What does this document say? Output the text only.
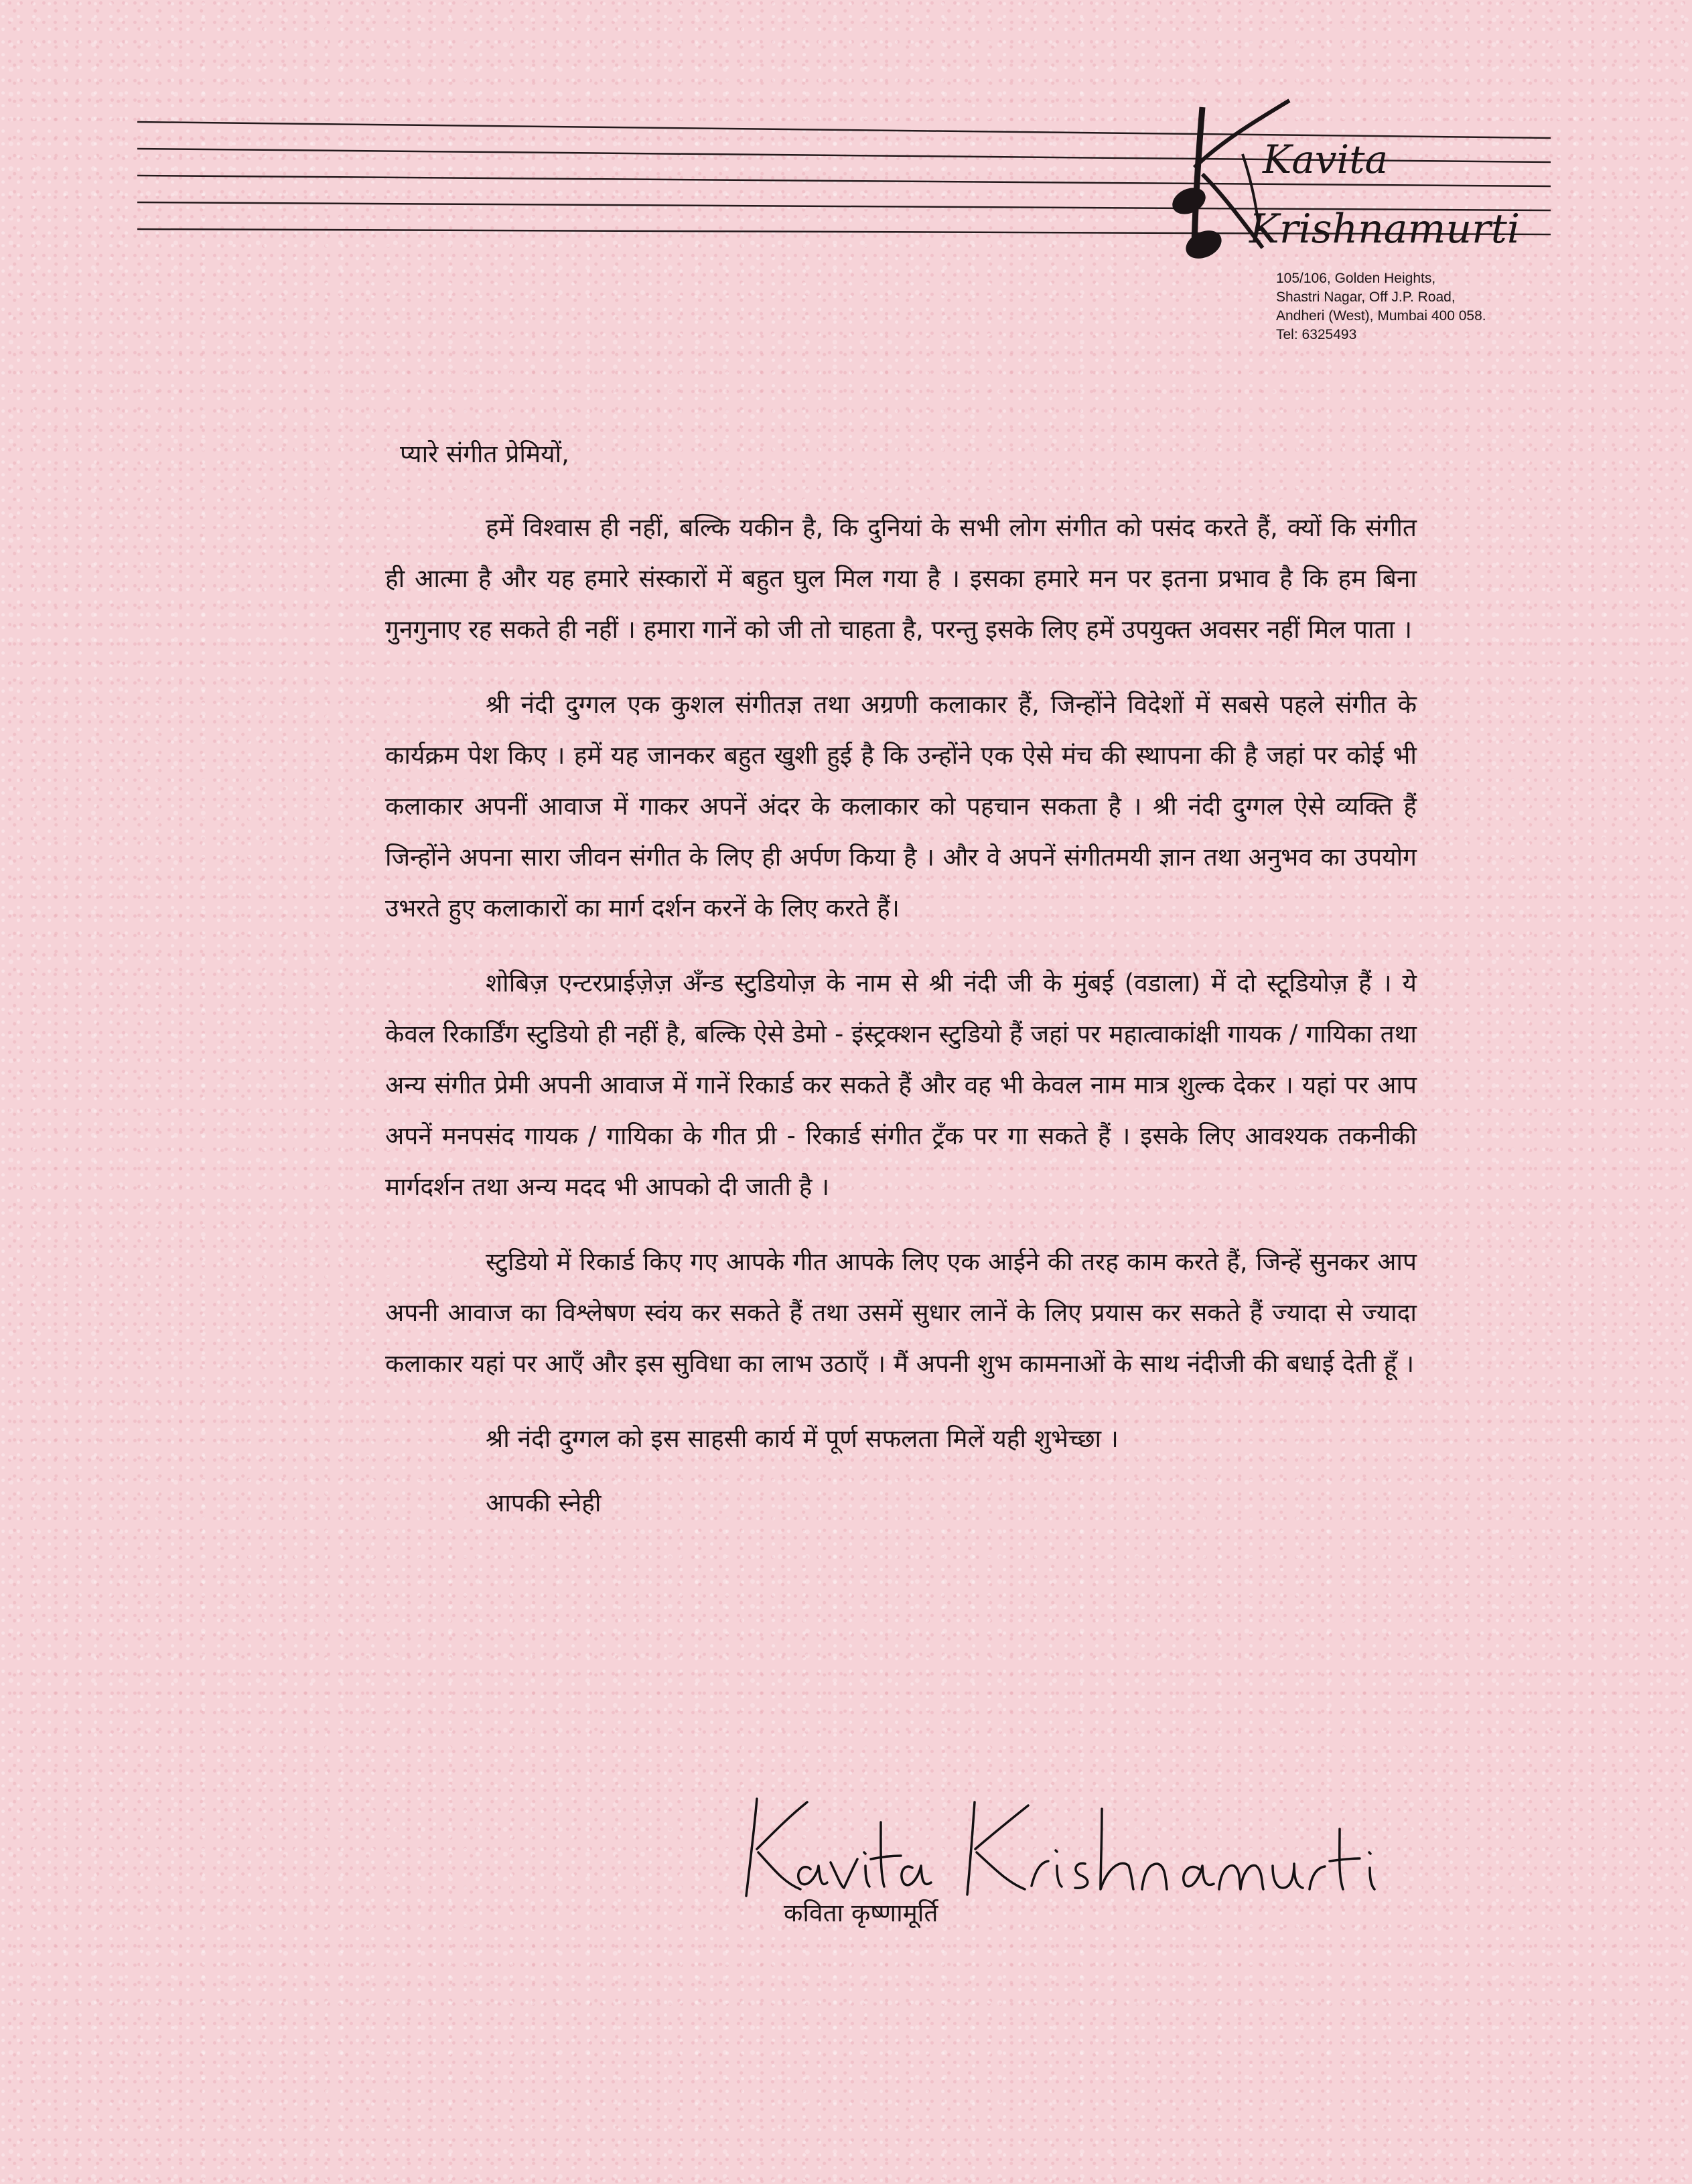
Kavita
Krishnamurti
105/106, Golden Heights,
Shastri Nagar, Off J.P. Road,
Andheri (West), Mumbai 400 058.
Tel: 6325493
प्यारे संगीत प्रेमियों,

हमें विश्वास ही नहीं, बल्कि यकीन है, कि दुनियां के सभी लोग संगीत को पसंद करते हैं, क्यों कि संगीत ही आत्मा है और यह हमारे संस्कारों में बहुत घुल मिल गया है । इसका हमारे मन पर इतना प्रभाव है कि हम बिना गुनगुनाए रह सकते ही नहीं । हमारा गानें को जी तो चाहता है, परन्तु इसके लिए हमें उपयुक्त अवसर नहीं मिल पाता ।

श्री नंदी दुग्गल एक कुशल संगीतज्ञ तथा अग्रणी कलाकार हैं, जिन्होंने विदेशों में सबसे पहले संगीत के कार्यक्रम पेश किए । हमें यह जानकर बहुत खुशी हुई है कि उन्होंने एक ऐसे मंच की स्थापना की है जहां पर कोई भी कलाकार अपनीं आवाज में गाकर अपनें अंदर के कलाकार को पहचान सकता है । श्री नंदी दुग्गल ऐसे व्यक्ति हैं जिन्होंने अपना सारा जीवन संगीत के लिए ही अर्पण किया है । और वे अपनें संगीतमयी ज्ञान तथा अनुभव का उपयोग उभरते हुए कलाकारों का मार्ग दर्शन करनें के लिए करते हैं।

शोबिज़ एन्टरप्राईज़ेज़ अँन्ड स्टुडियोज़ के नाम से श्री नंदी जी के मुंबई (वडाला) में दो स्टूडियोज़ हैं । ये केवल रिकार्डिंग स्टुडियो ही नहीं है, बल्कि ऐसे डेमो - इंस्ट्रक्शन स्टुडियो हैं जहां पर महात्वाकांक्षी गायक / गायिका तथा अन्य संगीत प्रेमी अपनी आवाज में गानें रिकार्ड कर सकते हैं और वह भी केवल नाम मात्र शुल्क देकर । यहां पर आप अपनें मनपसंद गायक / गायिका के गीत प्री - रिकार्ड संगीत ट्रँक पर गा सकते हैं । इसके लिए आवश्यक तकनीकी मार्गदर्शन तथा अन्य मदद भी आपको दी जाती है ।

स्टुडियो में रिकार्ड किए गए आपके गीत आपके लिए एक आईने की तरह काम करते हैं, जिन्हें सुनकर आप अपनी आवाज का विश्लेषण स्वंय कर सकते हैं तथा उसमें सुधार लानें के लिए प्रयास कर सकते हैं ज्यादा से ज्यादा कलाकार यहां पर आएँ और इस सुविधा का लाभ उठाएँ । मैं अपनी शुभ कामनाओं के साथ नंदीजी की बधाई देती हूँ ।

श्री नंदी दुग्गल को इस साहसी कार्य में पूर्ण सफलता मिलें यही शुभेच्छा ।
आपकी स्नेही
कविता कृष्णामूर्ति
